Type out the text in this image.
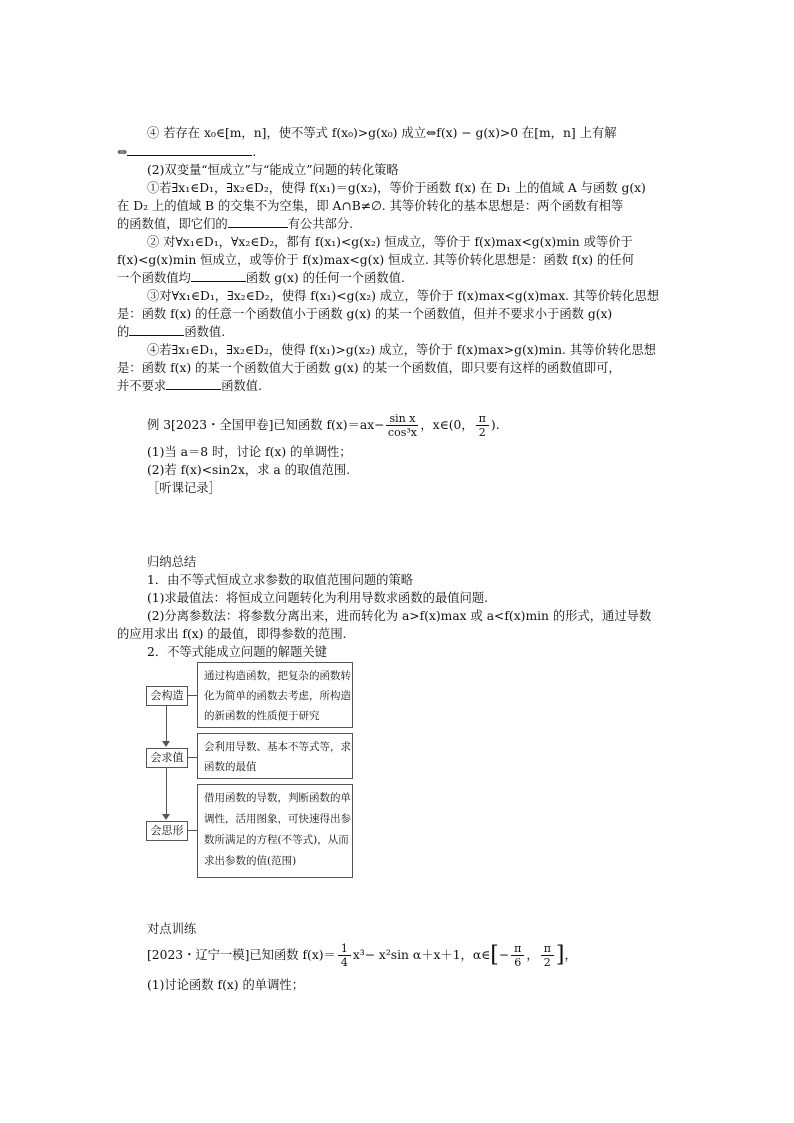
④ 若存在 x₀∈[m，n]，使不等式 f(x₀)>g(x₀) 成立⇔f(x) − g(x)>0 在[m，n] 上有解
⇔	.
(2)双变量“恒成立”与“能成立”问题的转化策略
①若∃x₁∈D₁，∃x₂∈D₂，使得 f(x₁)＝g(x₂)，等价于函数 f(x) 在 D₁ 上的值域 A 与函数 g(x)
在 D₂ 上的值域 B 的交集不为空集，即 A∩B≠∅. 其等价转化的基本思想是：两个函数有相等
的函数值，即它们的	有公共部分.
② 对∀x₁∈D₁，∀x₂∈D₂，都有 f(x₁)<g(x₂) 恒成立，等价于 f(x)max<g(x)min 或等价于
f(x)<g(x)min 恒成立，或等价于 f(x)max<g(x) 恒成立. 其等价转化思想是：函数 f(x) 的任何
一个函数值均	函数 g(x) 的任何一个函数值.
③对∀x₁∈D₁，∃x₂∈D₂，使得 f(x₁)<g(x₂) 成立，等价于 f(x)max<g(x)max. 其等价转化思想
是：函数 f(x) 的任意一个函数值小于函数 g(x) 的某一个函数值，但并不要求小于函数 g(x)
的	函数值.
④若∃x₁∈D₁，∃x₂∈D₂，使得 f(x₁)>g(x₂) 成立，等价于 f(x)max>g(x)min. 其等价转化思想
是：函数 f(x) 的某一个函数值大于函数 g(x) 的某一个函数值，即只要有这样的函数值即可，
并不要求	函数值.
例 3[2023・全国甲卷]已知函数 $f(x)=ax- \frac{\text{sin x}}{\text{cos³x}}$ ，x∈(0， $\frac{\pi}{2}$ ).
(1)当 a＝8 时，讨论 f(x) 的单调性；
(2)若 f(x)<sin2x，求 a 的取值范围.
［听课记录］
归纳总结
1．由不等式恒成立求参数的取值范围问题的策略
(1)求最值法：将恒成立问题转化为利用导数求函数的最值问题.
(2)分离参数法：将参数分离出来，进而转化为 a>f(x)max 或 a<f(x)min 的形式，通过导数
的应用求出 f(x) 的最值，即得参数的范围.
2．不等式能成立问题的解题关键
通过构造函数，把复杂的函数转
化为简单的函数去考虑，所构造
的新函数的性质便于研究
会构造
会利用导数、基本不等式等，求
函数的最值
会求值
借用函数的导数，判断函数的单
调性，活用图象，可快速得出参
数所满足的方程(不等式)，从而
求出参数的值(范围)
会思形
对点训练
[2023・辽宁一模]已知函数 $f(x)= \frac{1}{4} x^3- x^2\sin$ α＋x＋1，α∈[− $\frac{\pi}{6}$ ， $\frac{\pi}{2}$ ]，
(1)讨论函数 f(x) 的单调性；
